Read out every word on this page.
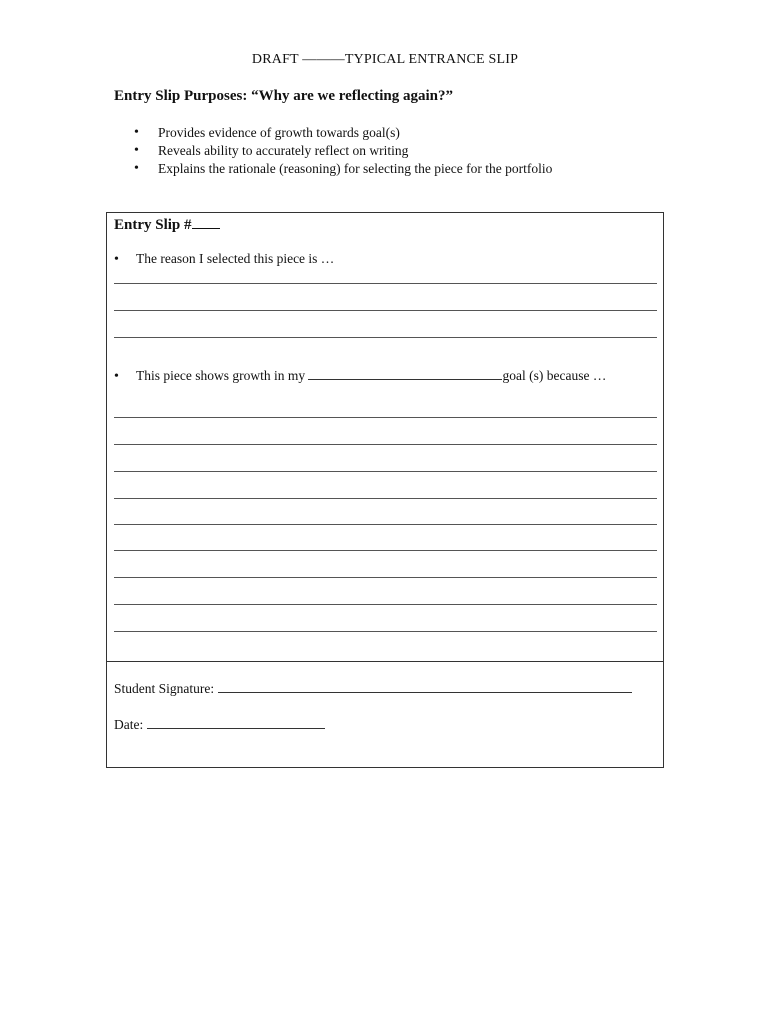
DRAFT ———TYPICAL ENTRANCE SLIP
Entry Slip Purposes: “Why are we reflecting again?”
• Provides evidence of growth towards goal(s)
• Reveals ability to accurately reflect on writing
• Explains the rationale (reasoning) for selecting the piece for the portfolio
Entry Slip #
• The reason I selected this piece is …
• This piece shows growth in my	goal (s) because …
Student Signature:
Date:
